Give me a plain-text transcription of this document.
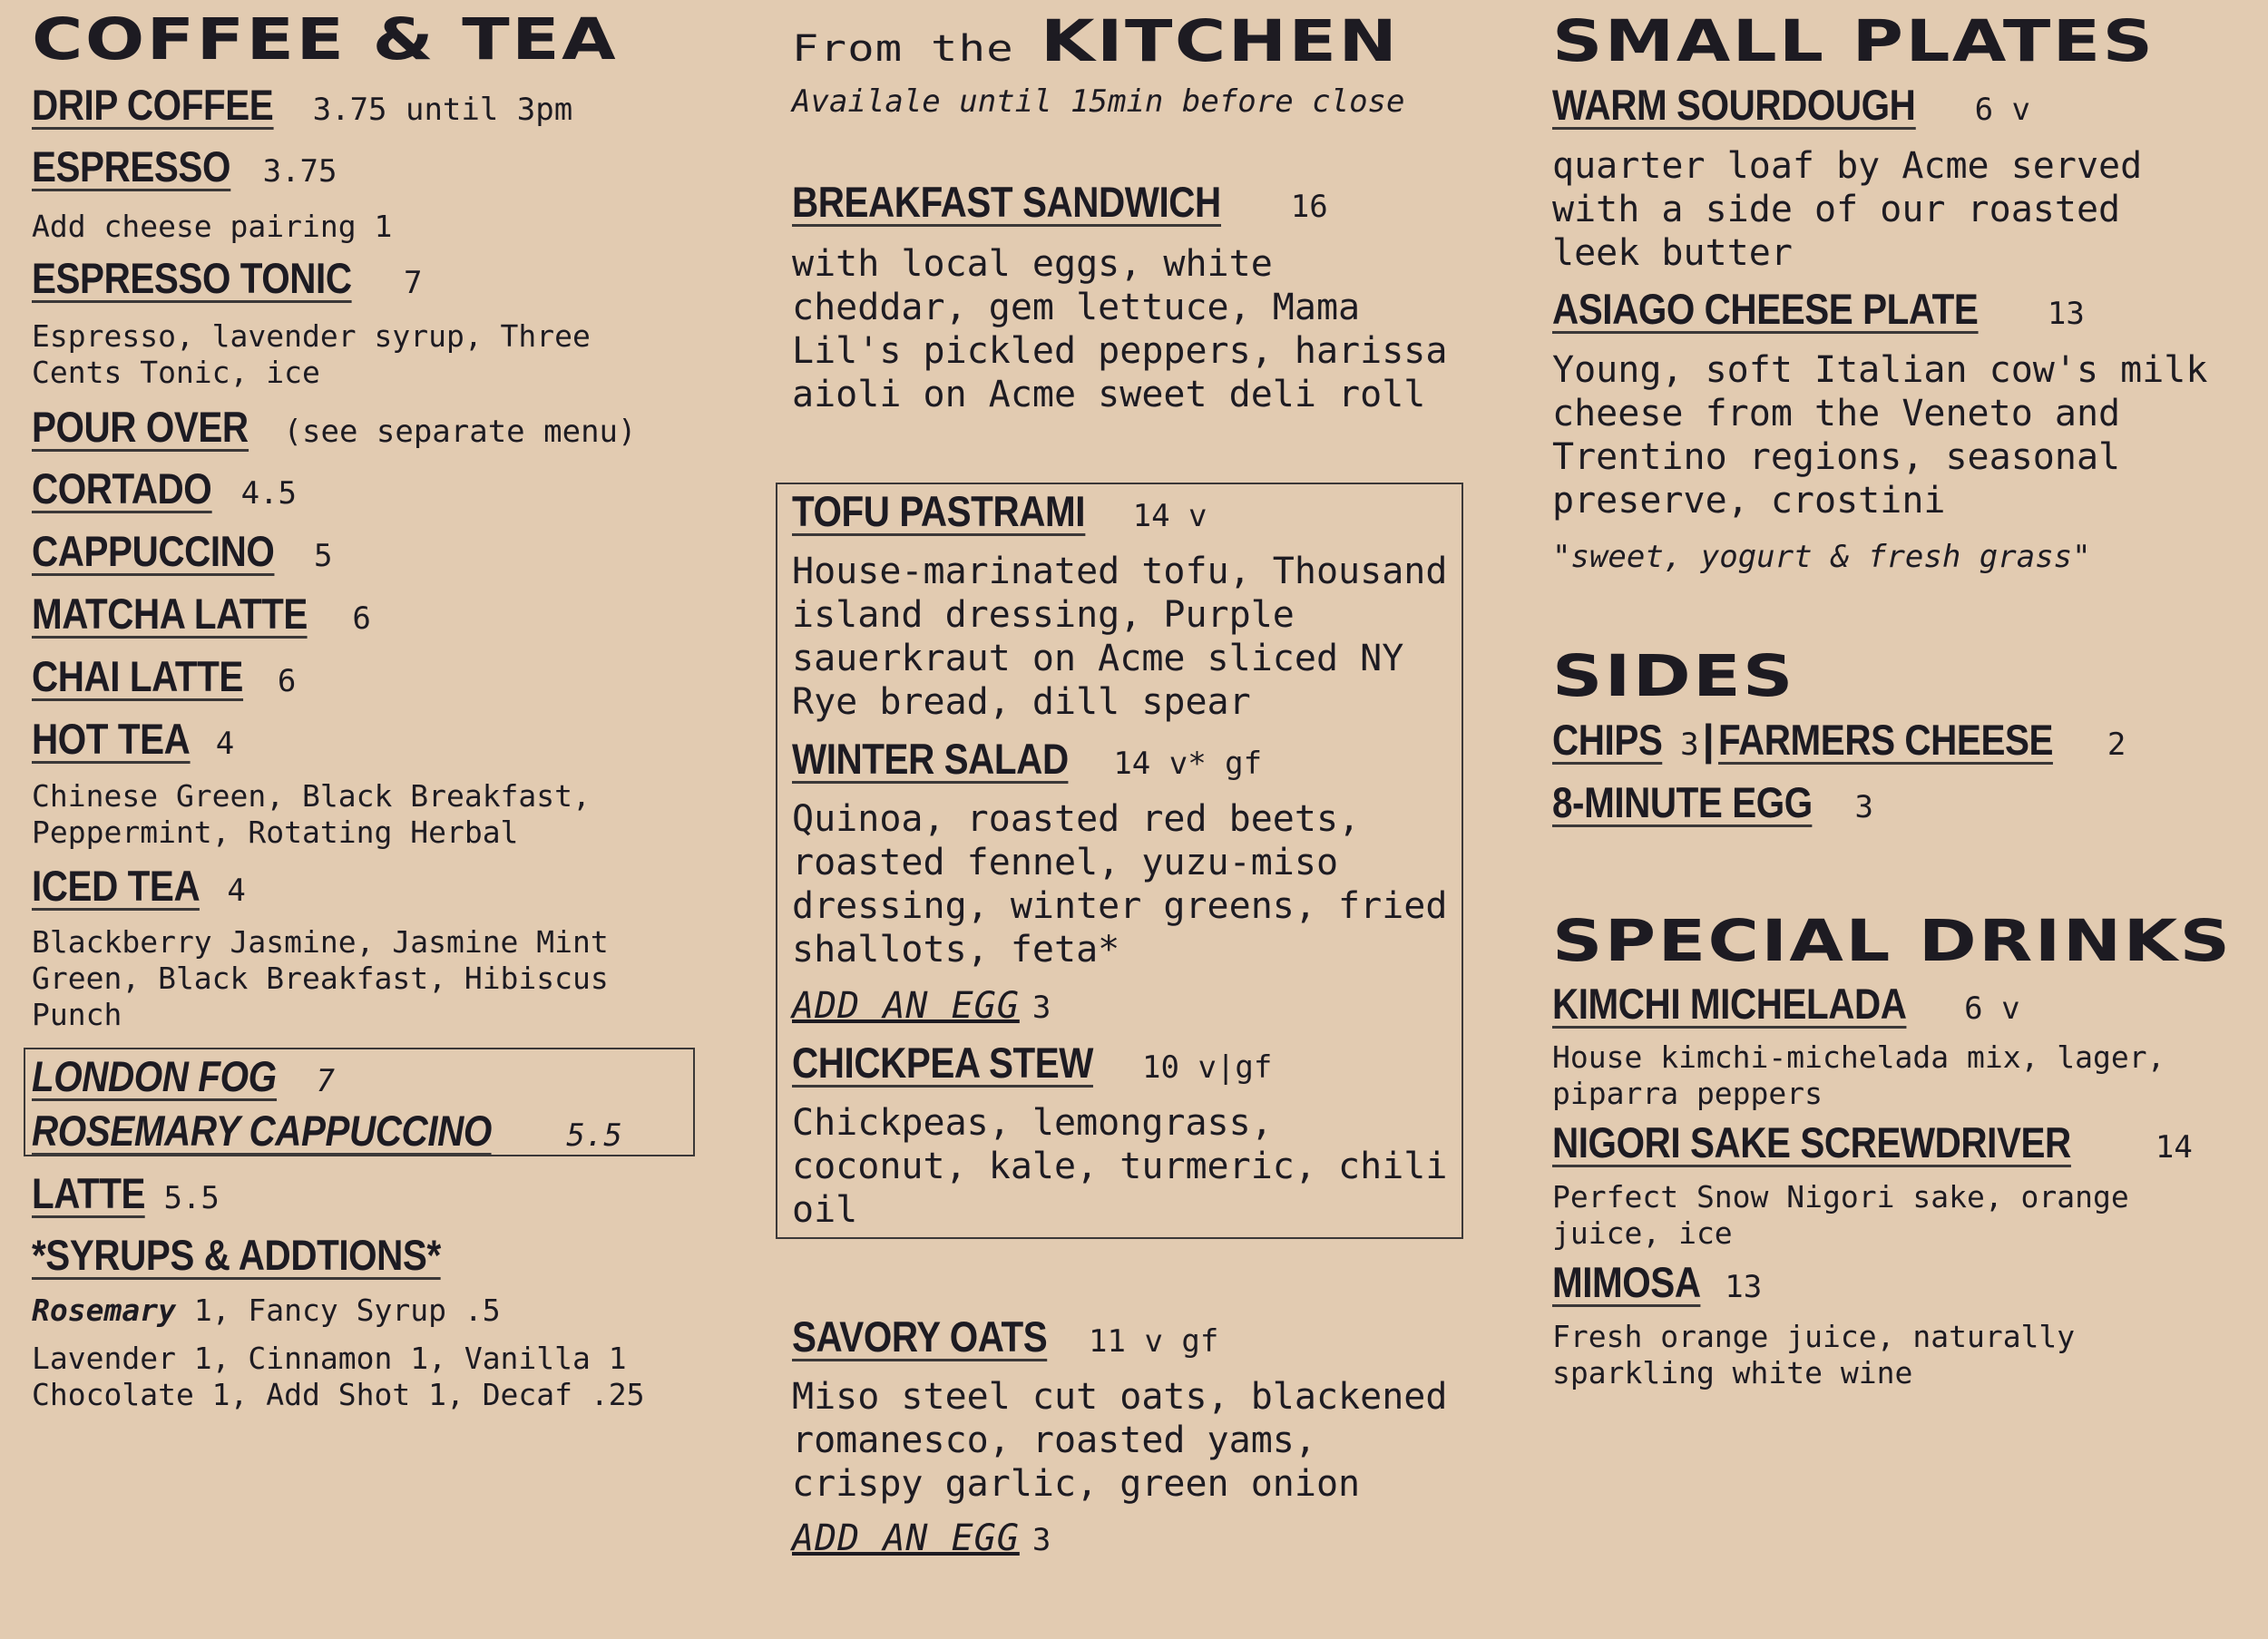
COFFEE & TEA
DRIP COFFEE 3.75 until 3pm
ESPRESSO 3.75
Add cheese pairing 1
ESPRESSO TONIC 7
Espresso, lavender syrup, Three
Cents Tonic, ice
POUR OVER (see separate menu)
CORTADO 4.5
CAPPUCCINO 5
MATCHA LATTE 6
CHAI LATTE 6
HOT TEA 4
Chinese Green, Black Breakfast,
Peppermint, Rotating Herbal
ICED TEA 4
Blackberry Jasmine, Jasmine Mint
Green, Black Breakfast, Hibiscus
Punch
LONDON FOG 7
ROSEMARY CAPPUCCINO 5.5
LATTE 5.5
*SYRUPS & ADDTIONS*
Rosemary 1, Fancy Syrup .5
Lavender 1, Cinnamon 1, Vanilla 1
Chocolate 1, Add Shot 1, Decaf .25
From the KITCHEN
Availale until 15min before close
BREAKFAST SANDWICH 16
with local eggs, white
cheddar, gem lettuce, Mama
Lil's pickled peppers, harissa
aioli on Acme sweet deli roll
TOFU PASTRAMI 14 v
House-marinated tofu, Thousand
island dressing, Purple
sauerkraut on Acme sliced NY
Rye bread, dill spear
WINTER SALAD 14 v* gf
Quinoa, roasted red beets,
roasted fennel, yuzu-miso
dressing, winter greens, fried
shallots, feta*
ADD AN EGG 3
CHICKPEA STEW 10 v|gf
Chickpeas, lemongrass,
coconut, kale, turmeric, chili
oil
SAVORY OATS 11 v gf
Miso steel cut oats, blackened
romanesco, roasted yams,
crispy garlic, green onion
ADD AN EGG 3
SMALL PLATES
WARM SOURDOUGH 6 v
quarter loaf by Acme served
with a side of our roasted
leek butter
ASIAGO CHEESE PLATE 13
Young, soft Italian cow's milk
cheese from the Veneto and
Trentino regions, seasonal
preserve, crostini
"sweet, yogurt & fresh grass"
SIDES
CHIPS 3 | FARMERS CHEESE 2
8-MINUTE EGG 3
SPECIAL DRINKS
KIMCHI MICHELADA 6 v
House kimchi-michelada mix, lager,
piparra peppers
NIGORI SAKE SCREWDRIVER	14
Perfect Snow Nigori sake, orange
juice, ice
MIMOSA 13
Fresh orange juice, naturally
sparkling white wine
